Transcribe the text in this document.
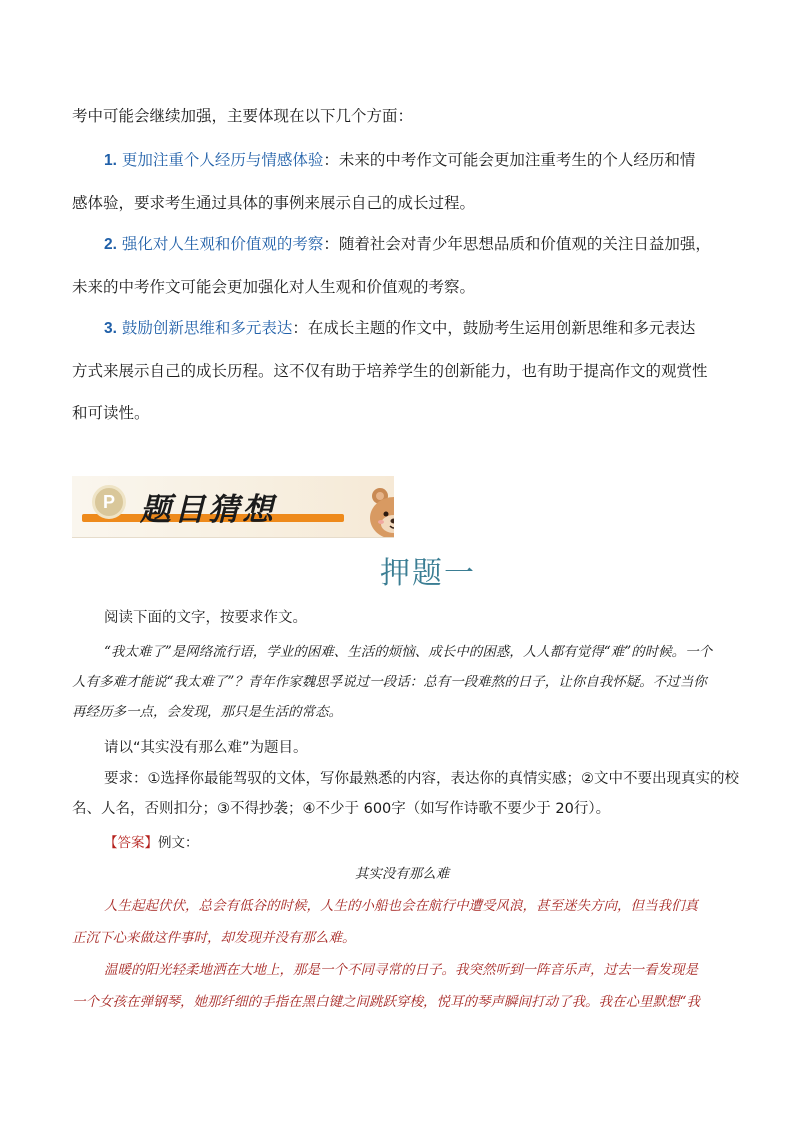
考中可能会继续加强，主要体现在以下几个方面：
1. 更加注重个人经历与情感体验：未来的中考作文可能会更加注重考生的个人经历和情
感体验，要求考生通过具体的事例来展示自己的成长过程。
2. 强化对人生观和价值观的考察：随着社会对青少年思想品质和价值观的关注日益加强，
未来的中考作文可能会更加强化对人生观和价值观的考察。
3. 鼓励创新思维和多元表达：在成长主题的作文中，鼓励考生运用创新思维和多元表达
方式来展示自己的成长历程。这不仅有助于培养学生的创新能力，也有助于提高作文的观赏性
和可读性。
P 题目猜想
押题一
阅读下面的文字，按要求作文。
“我太难了”是网络流行语，学业的困难、生活的烦恼、成长中的困惑，人人都有觉得“难”的时候。一个
人有多难才能说“我太难了”？青年作家魏思孚说过一段话：总有一段难熬的日子，让你自我怀疑。不过当你
再经历多一点，会发现，那只是生活的常态。
请以“其实没有那么难”为题目。
要求：①选择你最能驾驭的文体，写你最熟悉的内容，表达你的真情实感；②文中不要出现真实的校
名、人名，否则扣分；③不得抄袭；④不少于 600字（如写作诗歌不要少于 20行）。
【答案】例文：
其实没有那么难
人生起起伏伏，总会有低谷的时候，人生的小船也会在航行中遭受风浪，甚至迷失方向，但当我们真
正沉下心来做这件事时，却发现并没有那么难。
温暖的阳光轻柔地洒在大地上，那是一个不同寻常的日子。我突然听到一阵音乐声，过去一看发现是
一个女孩在弹钢琴，她那纤细的手指在黑白键之间跳跃穿梭，悦耳的琴声瞬间打动了我。我在心里默想“我
